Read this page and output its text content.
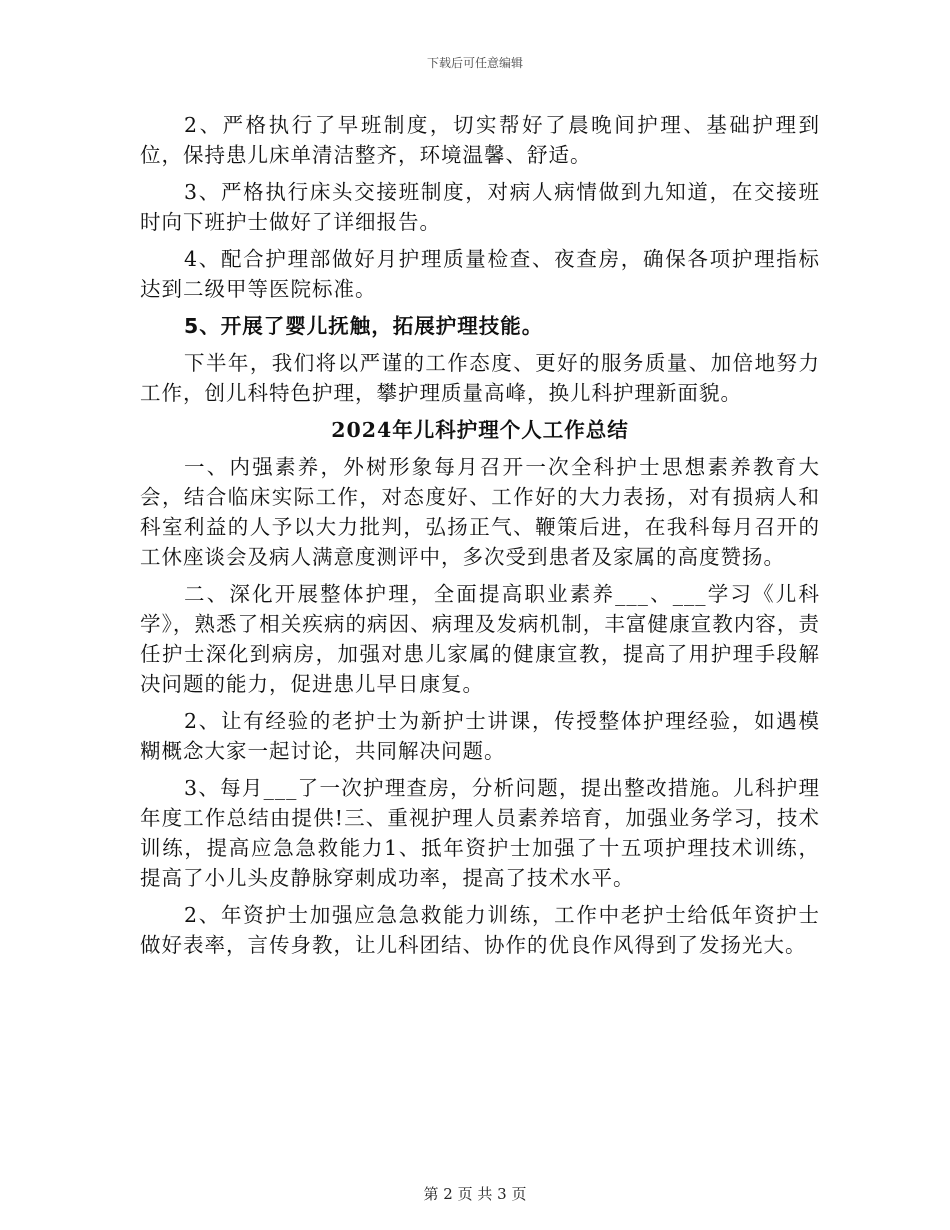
下载后可任意编辑

2、严格执行了早班制度，切实帮好了晨晚间护理、基础护理到位，保持患儿床单清洁整齐，环境温馨、舒适。

3、严格执行床头交接班制度，对病人病情做到九知道，在交接班时向下班护士做好了详细报告。

4、配合护理部做好月护理质量检查、夜查房，确保各项护理指标达到二级甲等医院标准。

5、开展了婴儿抚触，拓展护理技能。

下半年，我们将以严谨的工作态度、更好的服务质量、加倍地努力工作，创儿科特色护理，攀护理质量高峰，换儿科护理新面貌。

2024年儿科护理个人工作总结

一、内强素养，外树形象每月召开一次全科护士思想素养教育大会，结合临床实际工作，对态度好、工作好的大力表扬，对有损病人和科室利益的人予以大力批判，弘扬正气、鞭策后进，在我科每月召开的工休座谈会及病人满意度测评中，多次受到患者及家属的高度赞扬。

二、深化开展整体护理，全面提高职业素养___、___学习《儿科学》，熟悉了相关疾病的病因、病理及发病机制，丰富健康宣教内容，责任护士深化到病房，加强对患儿家属的健康宣教，提高了用护理手段解决问题的能力，促进患儿早日康复。

2、让有经验的老护士为新护士讲课，传授整体护理经验，如遇模糊概念大家一起讨论，共同解决问题。

3、每月___了一次护理查房，分析问题，提出整改措施。儿科护理年度工作总结由提供!三、重视护理人员素养培育，加强业务学习，技术训练，提高应急急救能力1、抵年资护士加强了十五项护理技术训练，提高了小儿头皮静脉穿刺成功率，提高了技术水平。

2、年资护士加强应急急救能力训练，工作中老护士给低年资护士做好表率，言传身教，让儿科团结、协作的优良作风得到了发扬光大。

第 2 页 共 3 页
